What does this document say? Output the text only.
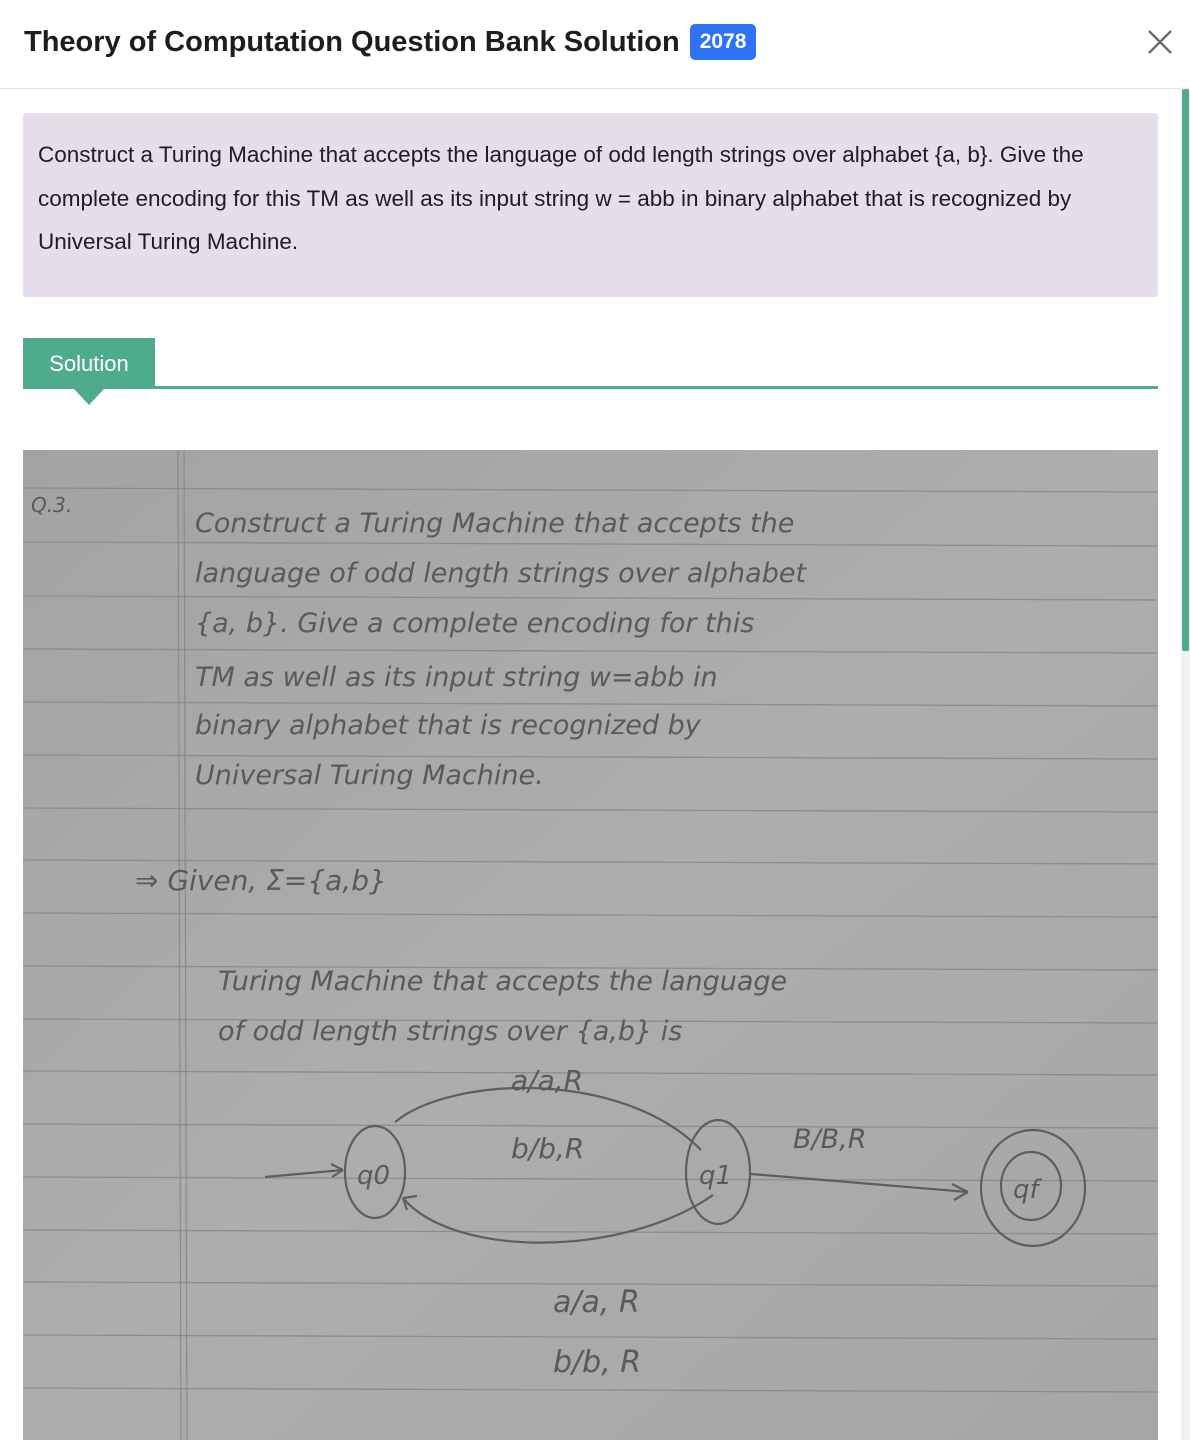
Theory of Computation Question Bank Solution 2078
Construct a Turing Machine that accepts the language of odd length strings over alphabet {a, b}. Give the complete encoding for this TM as well as its input string w = abb in binary alphabet that is recognized by Universal Turing Machine.
Solution
Q.3.
Construct a Turing Machine that accepts the
language of odd length strings over alphabet
{a, b}. Give a complete encoding for this
TM as well as its input string w=abb in
binary alphabet that is recognized by
Universal Turing Machine.
⇒ Given, Σ={a,b}
Turing Machine that accepts the language
of odd length strings over {a,b} is
q0	q1	qf
a/a,R
b/b,R	B/B,R
a/a, R
b/b, R
